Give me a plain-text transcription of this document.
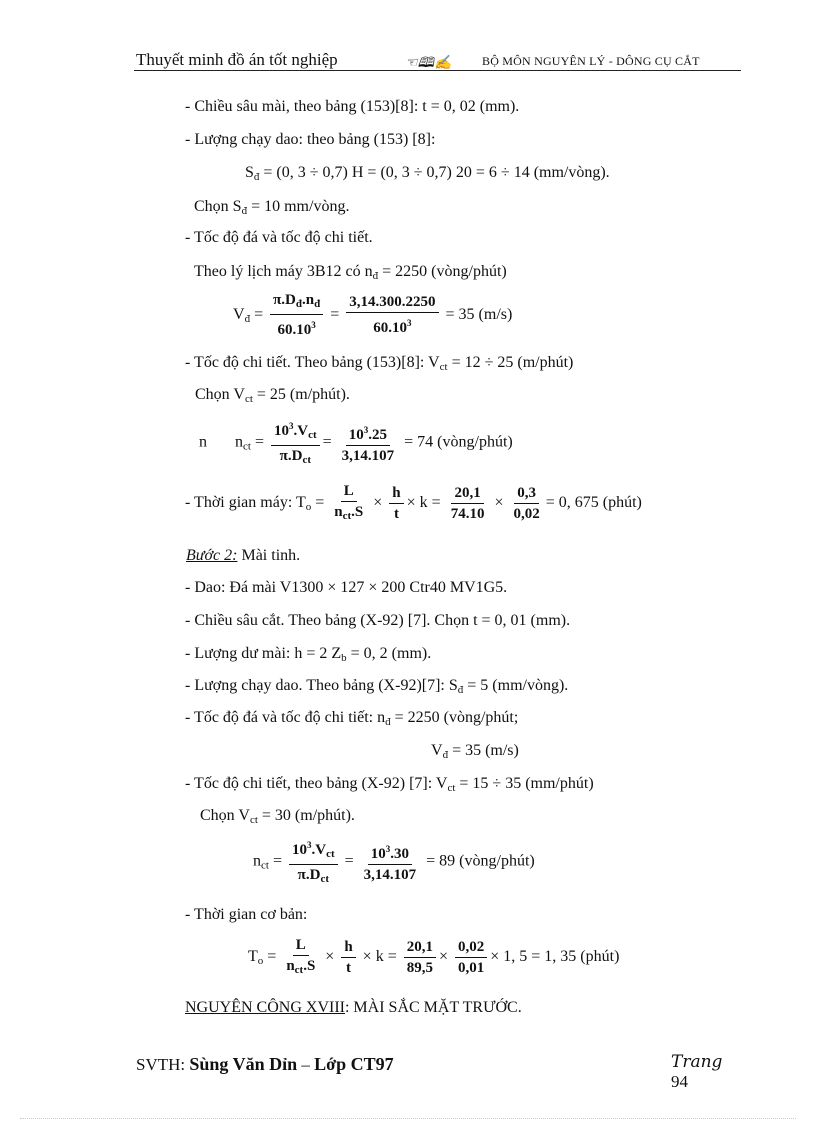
Thuyết minh đồ án tốt nghiệp	☜🕮✍	BỘ MÔN NGUYÊN LÝ - DÔNG CỤ CẮT
- Chiều sâu mài, theo bảng (153)[8]: t = 0, 02 (mm).
- Lượng chạy dao: theo bảng (153) [8]:
$S_đ = (0$, 3 ÷ 0,7) H = (0, 3 ÷ 0,7) 20 = 6 ÷ 14 (mm/vòng).
Chọn $S_đ = 10$ mm/vòng.
- Tốc độ đá và tốc độ chi tiết.
Theo lý lịch máy 3B12 có $n_đ = 2250$ (vòng/phút)
$V_đ = \frac{\pi.D_đ.n_đ}{60.10^3} = \frac{3,14.300.2250}{60.10^3} = 35$ (m/s)
- Tốc độ chi tiết. Theo bảng (153)[8]: $V_{ct} = 12 \div 25$ (m/phút)
Chọn $V_{ct} = 25$ (m/phút).
n $n_{ct} = \frac{10^3.V_{ct}}{\pi.D_{ct}} = \frac{10^3.25}{3,14.107} = 74$ (vòng/phút)
- Thời gian máy: $T_o = \frac{L}{n_{ct}.S} \times \frac{h}{t} \times k = \frac{20,1}{74.10} \times \frac{0,3}{0,02} = 0$, 675 (phút)
Bước 2: Mài tinh.
- Dao: Đá mài V1300 × 127 × 200 Ctr40 MV1G5.
- Chiều sâu cắt. Theo bảng (X-92) [7]. Chọn t = 0, 01 (mm).
- Lượng dư mài: h = 2 $Z_b = 0$, 2 (mm).
- Lượng chạy dao. Theo bảng (X-92)[7]: $S_đ = 5$ (mm/vòng).
- Tốc độ đá và tốc độ chi tiết: $n_đ = 2250$ (vòng/phút;
$V_đ = 35$ (m/s)
- Tốc độ chi tiết, theo bảng (X-92) [7]: $V_{ct} = 15 \div 35$ (mm/phút)
Chọn $V_{ct} = 30$ (m/phút).
$n_{ct} = \frac{10^3.V_{ct}}{\pi.D_{ct}} = \frac{10^3.30}{3,14.107} = 89$ (vòng/phút)
- Thời gian cơ bản:
$T_o = \frac{L}{n_{ct}.S} \times \frac{h}{t} \times k = \frac{20,1}{89,5} \times \frac{0,02}{0,01} \times 1$, 5 = 1, 35 (phút)
NGUYÊN CÔNG XVIII: MÀI SẮC MẶT TRƯỚC.
SVTH: Sùng Văn Dỉn – Lớp CT97	Trang
94
